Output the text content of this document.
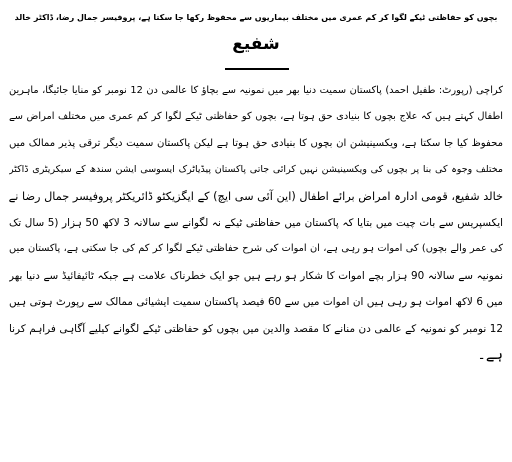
بچوں کو حفاظتی ٹیکے لگوا کر کم عمری میں مختلف بیماریوں سے محفوظ رکھا جا سکتا ہے، پروفیسر جمال رضا، ڈاکٹر خالد
شفیع
کراچی (رپورٹ: طفیل احمد) پاکستان سمیت دنیا بھر میں نمونیہ سے بچاؤ کا عالمی دن 12 نومبر کو منایا جائیگا، ماہرین
اطفال کہتے ہیں کہ علاج بچوں کا بنیادی حق ہوتا ہے، بچوں کو حفاظتی ٹیکے لگوا کر کم عمری میں مختلف امراض سے
محفوظ کیا جا سکتا ہے، ویکسینیشن ان بچوں کا بنیادی حق ہوتا ہے لیکن پاکستان سمیت دیگر ترقی پذیر ممالک میں
مختلف وجوہ کی بنا پر بچوں کی ویکسینیشن نہیں کرائی جاتی پاکستان پیڈیاٹرک ایسوسی ایشن سندھ کے سیکریٹری ڈاکٹر
خالد شفیع، قومی ادارہ امراض برائے اطفال (این آئی سی ایچ) کے ایگزیکٹو ڈائریکٹر پروفیسر جمال رضا نے
ایکسپریس سے بات چیت میں بتایا کہ پاکستان میں حفاظتی ٹیکے نہ لگوانے سے سالانہ 3 لاکھ 50 ہزار (5 سال تک
کی عمر والے بچوں) کی اموات ہو رہی ہے، ان اموات کی شرح حفاظتی ٹیکے لگوا کر کم کی جا سکتی ہے، پاکستان میں
نمونیہ سے سالانہ 90 ہزار بچے اموات کا شکار ہو رہے ہیں جو ایک خطرناک علامت ہے جبکہ ٹائیفائیڈ سے دنیا بھر
میں 6 لاکھ اموات ہو رہی ہیں ان اموات میں سے 60 فیصد پاکستان سمیت ایشیائی ممالک سے رپورٹ ہوتی ہیں
12 نومبر کو نمونیہ کے عالمی دن منانے کا مقصد والدین میں بچوں کو حفاظتی ٹیکے لگوانے کیلیے آگاہی فراہم کرنا
ہے۔
